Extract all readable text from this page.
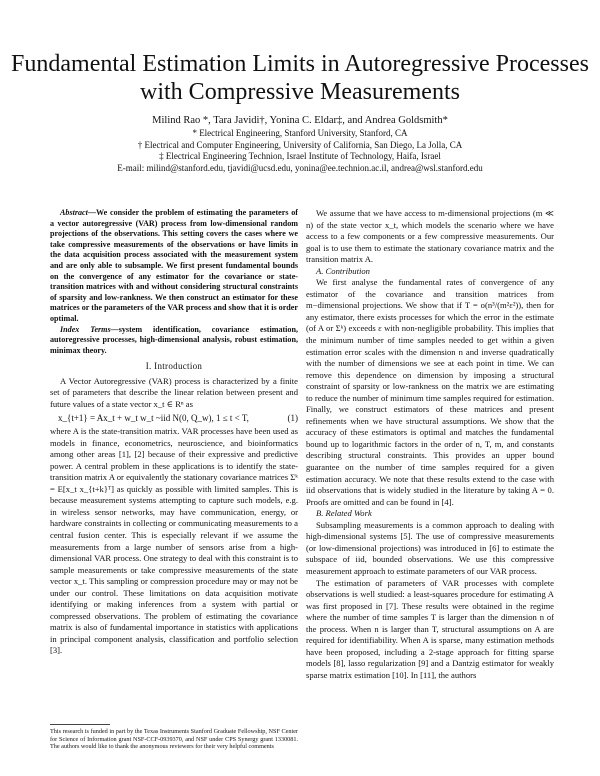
Fundamental Estimation Limits in Autoregressive Processes with Compressive Measurements
Milind Rao *, Tara Javidi†, Yonina C. Eldar‡, and Andrea Goldsmith*
* Electrical Engineering, Stanford University, Stanford, CA
† Electrical and Computer Engineering, University of California, San Diego, La Jolla, CA
‡ Electrical Engineering Technion, Israel Institute of Technology, Haifa, Israel
E-mail: milind@stanford.edu, tjavidi@ucsd.edu, yonina@ee.technion.ac.il, andrea@wsl.stanford.edu

Abstract—We consider the problem of estimating the parameters of a vector autoregressive (VAR) process from low-dimensional random projections of the observations. This setting covers the cases where we take compressive measurements of the observations or have limits in the data acquisition process associated with the measurement system and are only able to subsample. We first present fundamental bounds on the convergence of any estimator for the covariance or state-transition matrices with and without considering structural constraints of sparsity and low-rankness. We then construct an estimator for these matrices or the parameters of the VAR process and show that it is order optimal.

Index Terms—system identification, covariance estimation, autoregressive processes, high-dimensional analysis, robust estimation, minimax theory.

I. Introduction

A Vector Autoregressive (VAR) process is characterized by a finite set of parameters that describe the linear relation between present and future values of a state vector x_t ∈ Rⁿ as

x_{t+1} = Ax_t + w_t w_t ~iid N(0, Q_w), 1 ≤ t < T,	(1)

where A is the state-transition matrix. VAR processes have been used as models in finance, econometrics, neuroscience, and bioinformatics among other areas [1], [2] because of their expressive and predictive power. A central problem in these applications is to identify the state-transition matrix A or equivalently the stationary covariance matrices Σᵏ = E[x_t x_{t+k}ᵀ] as quickly as possible with limited samples. This is because measurement systems attempting to capture such models, e.g. in wireless sensor networks, may have communication, energy, or hardware constraints in collecting or communicating measurements to a central fusion center. This is especially relevant if we assume the measurements from a large number of sensors arise from a high-dimensional VAR process. One strategy to deal with this constraint is to sample measurements or take compressive measurements of the state vector x_t. This sampling or compression procedure may or may not be under our control. These limitations on data acquisition motivate identifying or making inferences from a system with partial or compressed observations. The problem of estimating the covariance matrix is also of fundamental importance in statistics with applications in principal component analysis, classification and portfolio selection [3].

This research is funded in part by the Texas Instruments Stanford Graduate Fellowship, NSF Center for Science of Information grant NSF-CCF-0939370, and NSF under CPS Synergy grant 1330081. The authors would like to thank the anonymous reviewers for their very helpful comments

We assume that we have access to m-dimensional projections (m ≪ n) of the state vector x_t, which models the scenario where we have access to a few components or a few compressive measurements. Our goal is to use them to estimate the stationary covariance matrix and the transition matrix A.

A. Contribution

We first analyse the fundamental rates of convergence of any estimator of the covariance and transition matrices from m−dimensional projections. We show that if T = o(n³/(m²ε²)), then for any estimator, there exists processes for which the error in the estimate (of A or Σᵏ) exceeds ε with non-negligible probability. This implies that the minimum number of time samples needed to get within a given estimation error scales with the dimension n and inverse quadratically with the number of dimensions we see at each point in time. We can remove this dependence on dimension by imposing a structural constraint of sparsity or low-rankness on the matrix we are estimating to reduce the number of minimum time samples required for estimation. Finally, we construct estimators of these matrices and present refinements when we have structural assumptions. We show that the accuracy of these estimators is optimal and matches the fundamental bound up to logarithmic factors in the order of n, T, m, and constants describing structural constraints. This provides an upper bound guarantee on the number of time samples required for a given estimation accuracy. We note that these results extend to the case with iid observations that is widely studied in the literature by taking A = 0. Proofs are omitted and can be found in [4].

B. Related Work

Subsampling measurements is a common approach to dealing with high-dimensional systems [5]. The use of compressive measurements (or low-dimensional projections) was introduced in [6] to estimate the subspace of iid, bounded observations. We use this compressive measurement approach to estimate parameters of our VAR process.

The estimation of parameters of VAR processes with complete observations is well studied: a least-squares procedure for estimating A was first proposed in [7]. These results were obtained in the regime where the number of time samples T is larger than the dimension n of the process. When n is larger than T, structural assumptions on A are required for identifiability. When A is sparse, many estimation methods have been proposed, including a 2-stage approach for fitting sparse models [8], lasso regularization [9] and a Dantzig estimator for weakly sparse matrix estimation [10]. In [11], the authors
